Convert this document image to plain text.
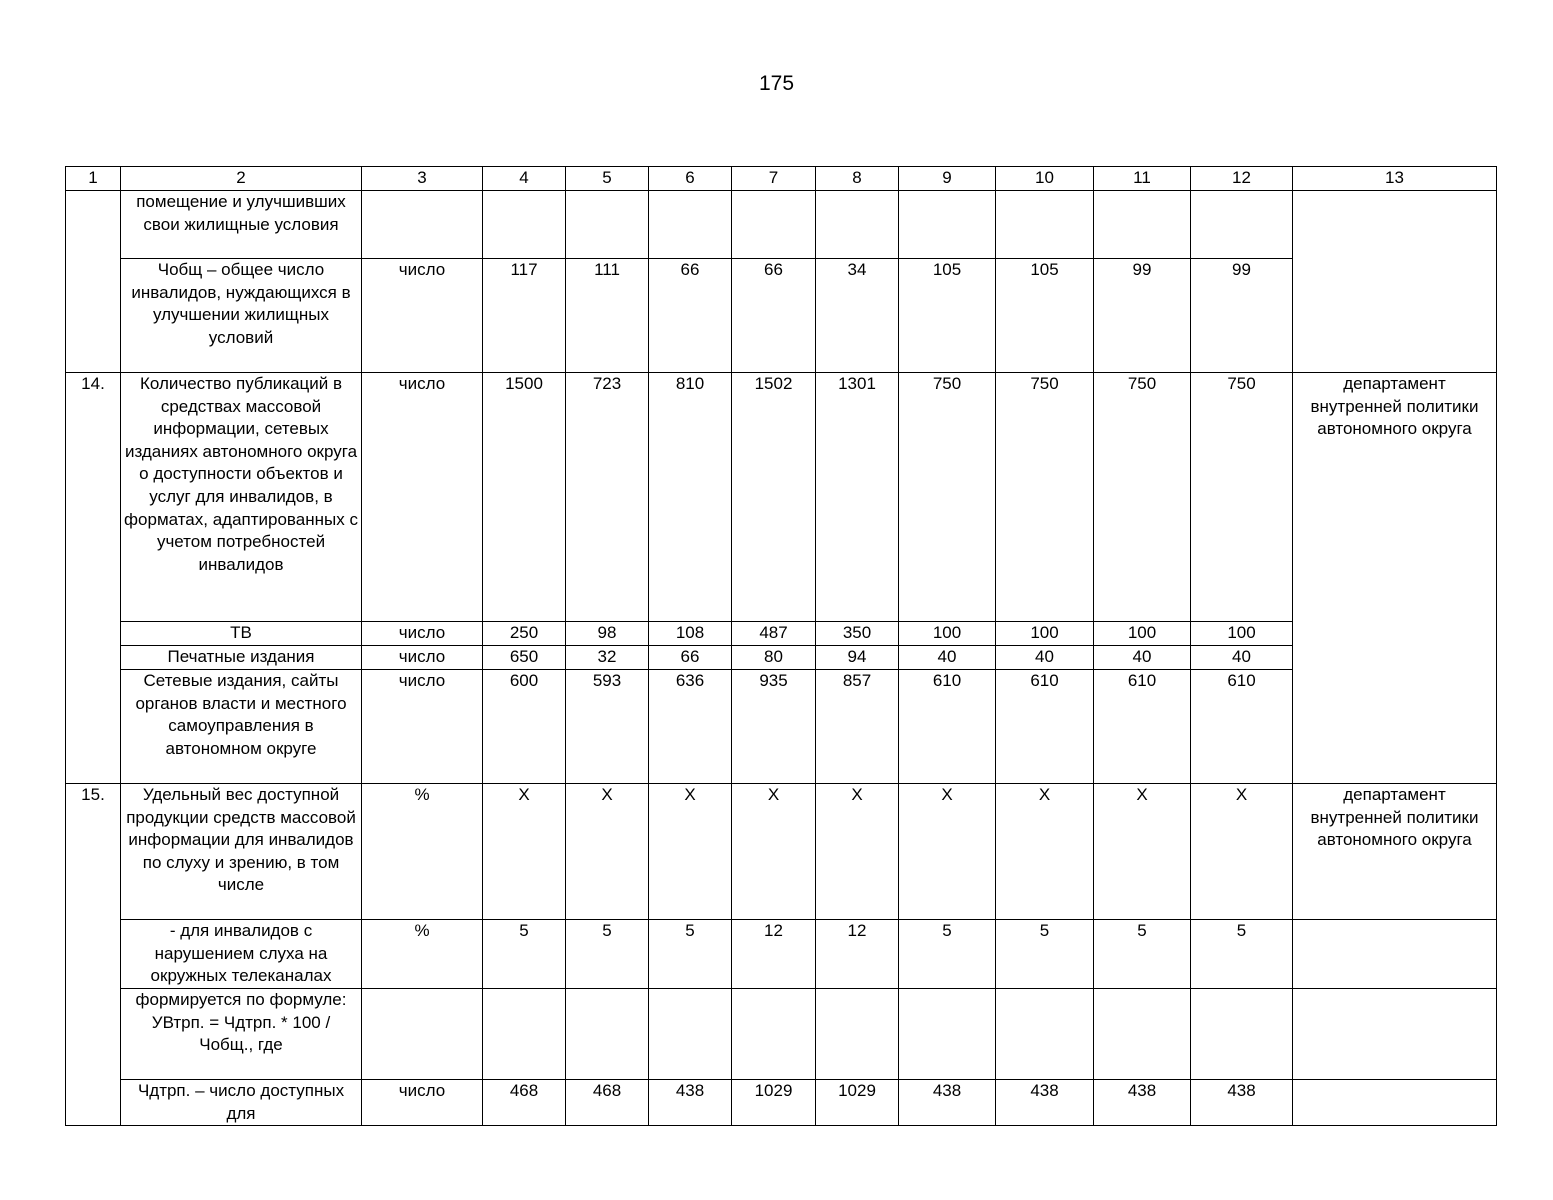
175
1	2	3	4	5	6	7	8	9	10	11	12	13
	помещение и улучшивших свои жилищные условия											
	Чобщ – общее число инвалидов, нуждающихся в улучшении жилищных условий	число	117	111	66	66	34	105	105	99	99	
14.	Количество публикаций в средствах массовой информации, сетевых изданиях автономного округа о доступности объектов и услуг для инвалидов, в форматах, адаптированных с учетом потребностей инвалидов	число	1500	723	810	1502	1301	750	750	750	750	департамент внутренней политики автономного округа
	ТВ	число	250	98	108	487	350	100	100	100	100	
	Печатные издания	число	650	32	66	80	94	40	40	40	40	
	Сетевые издания, сайты органов власти и местного самоуправления в автономном округе	число	600	593	636	935	857	610	610	610	610	
15.	Удельный вес доступной продукции средств массовой информации для инвалидов по слуху и зрению, в том числе	%	Х	Х	Х	Х	Х	Х	Х	Х	Х	департамент внутренней политики автономного округа
	- для инвалидов с нарушением слуха на окружных телеканалах	%	5	5	5	12	12	5	5	5	5	
	формируется по формуле: УВтрп. = Чдтрп. * 100 / Чобщ., где											
	Чдтрп. – число доступных для	число	468	468	438	1029	1029	438	438	438	438	
